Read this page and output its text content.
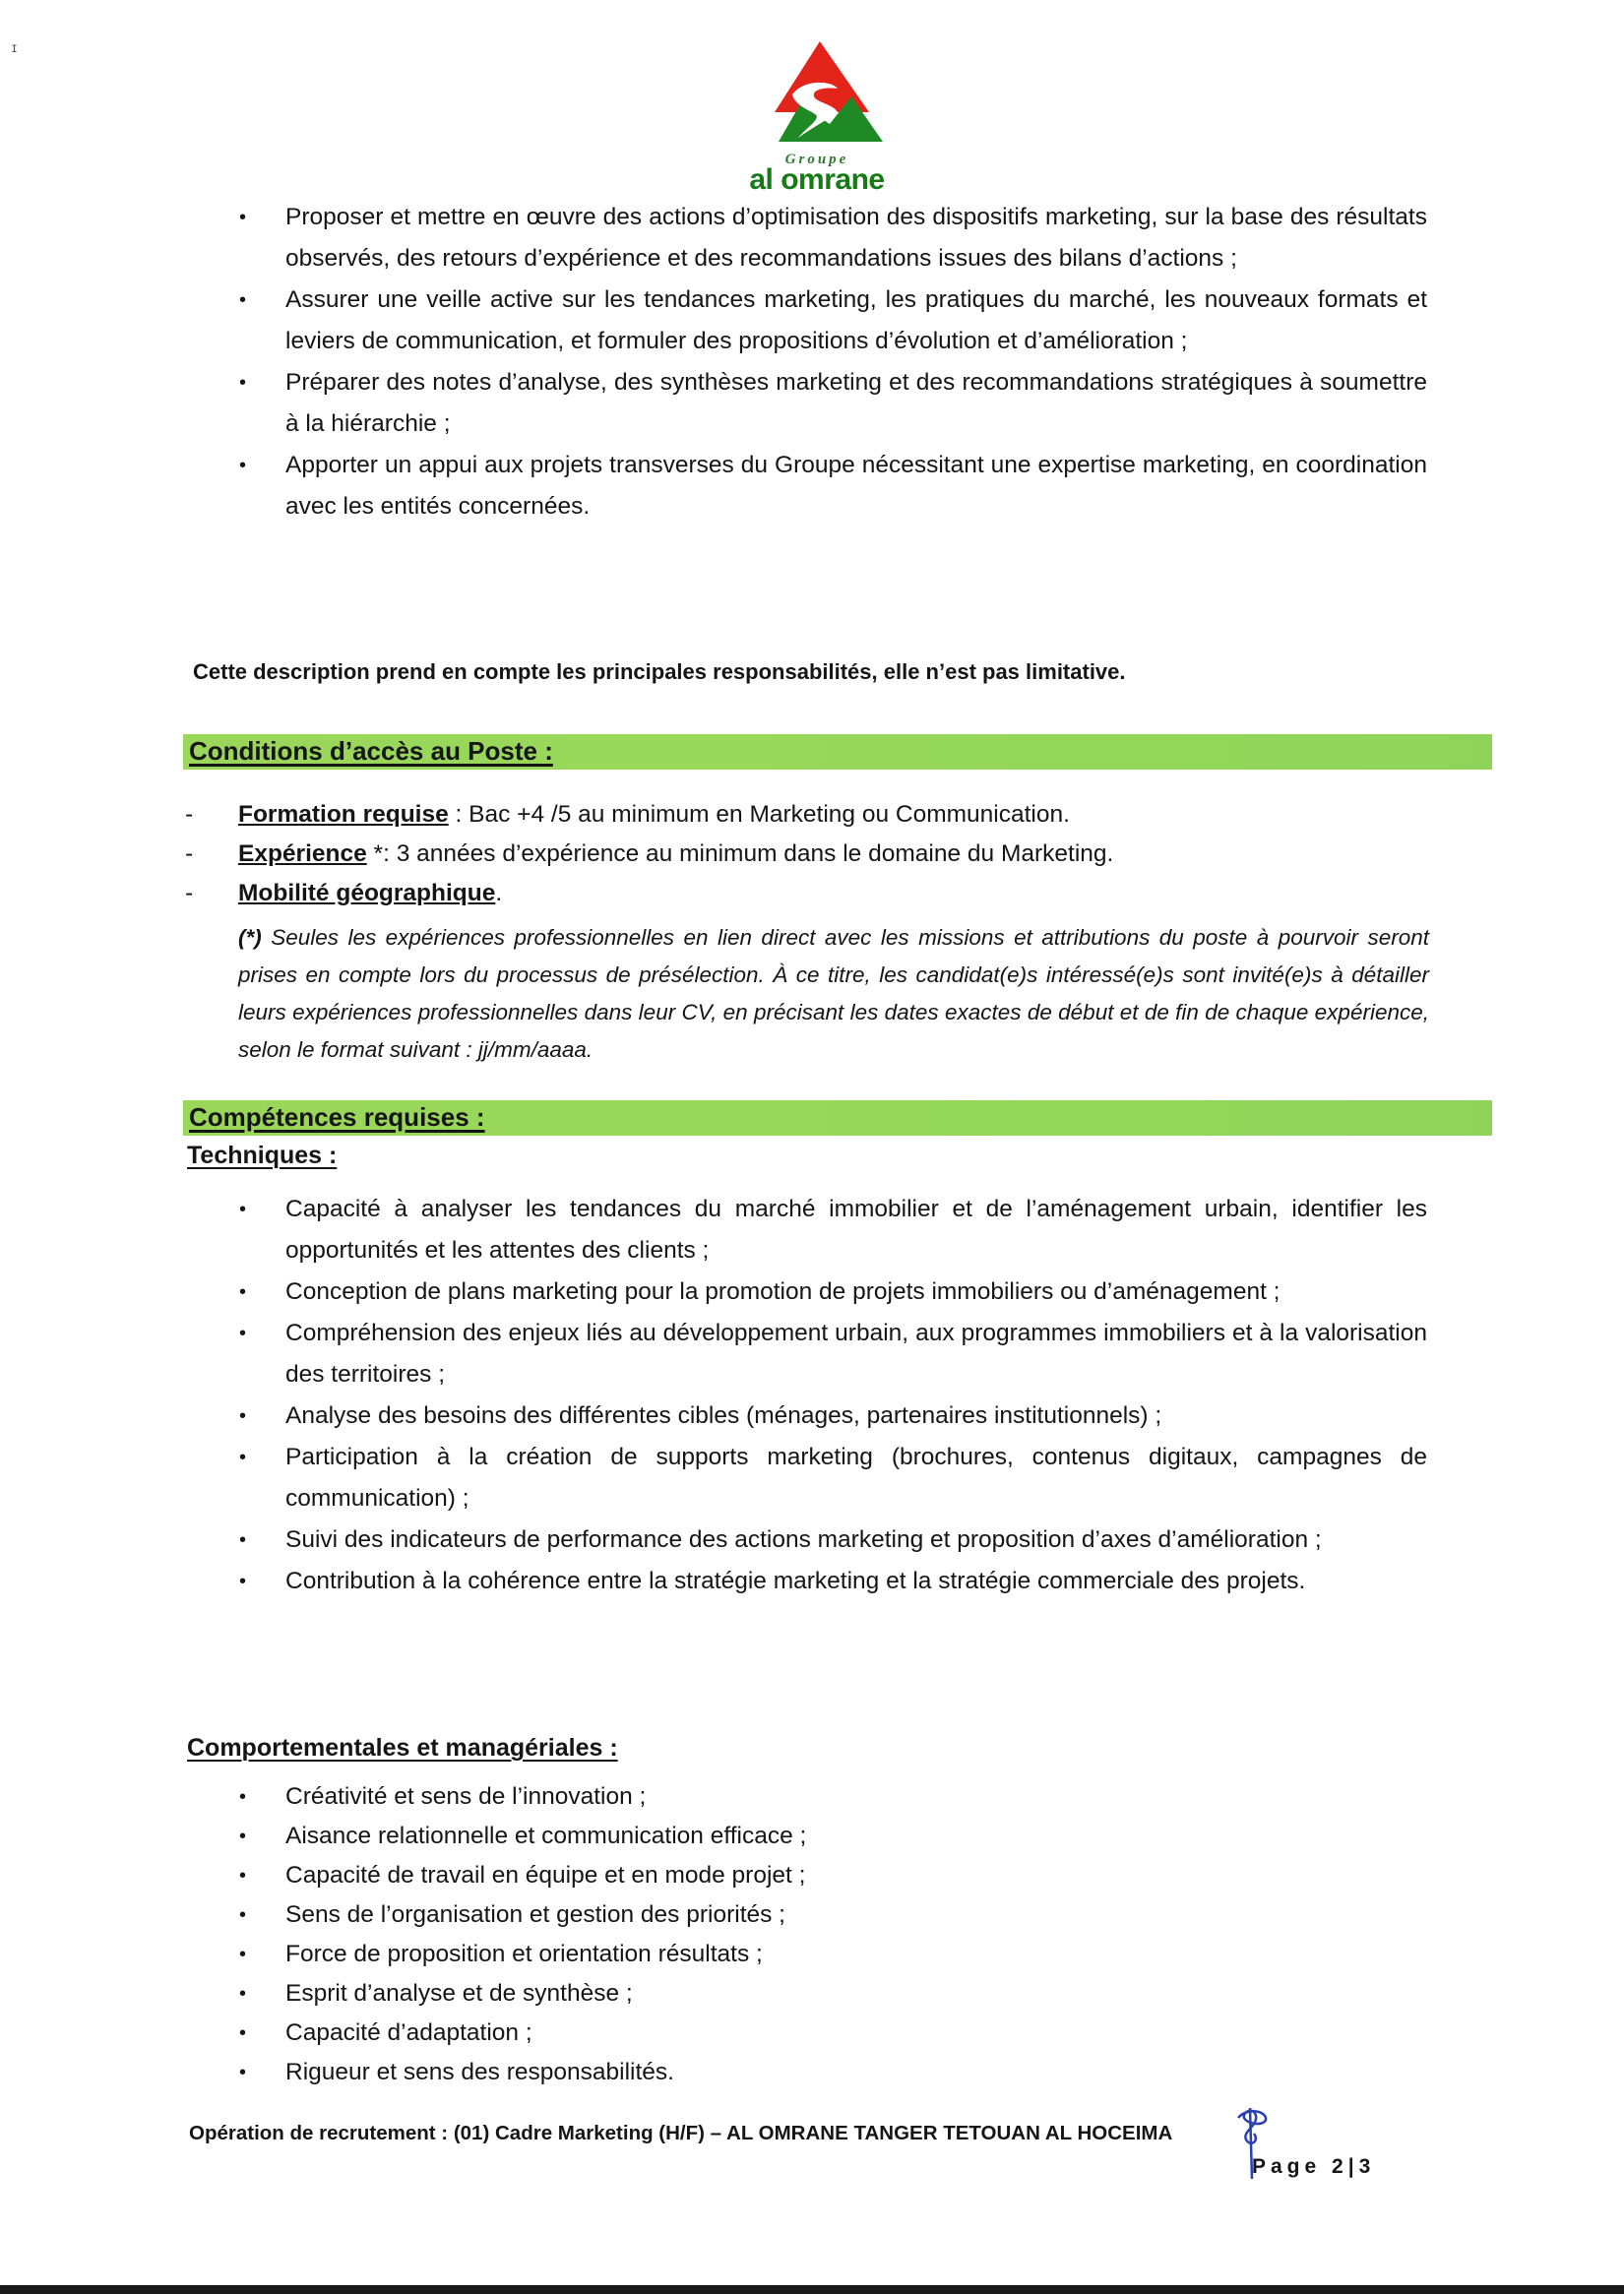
ɪ
Groupe
al omrane
• Proposer et mettre en œuvre des actions d’optimisation des dispositifs marketing, sur la base des résultats observés, des retours d’expérience et des recommandations issues des bilans d’actions ;
• Assurer une veille active sur les tendances marketing, les pratiques du marché, les nouveaux formats et leviers de communication, et formuler des propositions d’évolution et d’amélioration ;
• Préparer des notes d’analyse, des synthèses marketing et des recommandations stratégiques à soumettre à la hiérarchie ;
• Apporter un appui aux projets transverses du Groupe nécessitant une expertise marketing, en coordination avec les entités concernées.
Cette description prend en compte les principales responsabilités, elle n’est pas limitative.
Conditions d’accès au Poste :
- Formation requise : Bac +4 /5 au minimum en Marketing ou Communication.
- Expérience *: 3 années d’expérience au minimum dans le domaine du Marketing.
- Mobilité géographique.
(*) Seules les expériences professionnelles en lien direct avec les missions et attributions du poste à pourvoir seront prises en compte lors du processus de présélection. À ce titre, les candidat(e)s intéressé(e)s sont invité(e)s à détailler leurs expériences professionnelles dans leur CV, en précisant les dates exactes de début et de fin de chaque expérience, selon le format suivant : jj/mm/aaaa.
Compétences requises :
Techniques :
• Capacité à analyser les tendances du marché immobilier et de l’aménagement urbain, identifier les opportunités et les attentes des clients ;
• Conception de plans marketing pour la promotion de projets immobiliers ou d’aménagement ;
• Compréhension des enjeux liés au développement urbain, aux programmes immobiliers et à la valorisation des territoires ;
• Analyse des besoins des différentes cibles (ménages, partenaires institutionnels) ;
• Participation à la création de supports marketing (brochures, contenus digitaux, campagnes de communication) ;
• Suivi des indicateurs de performance des actions marketing et proposition d’axes d’amélioration ;
• Contribution à la cohérence entre la stratégie marketing et la stratégie commerciale des projets.
Comportementales et managériales :
• Créativité et sens de l’innovation ;
• Aisance relationnelle et communication efficace ;
• Capacité de travail en équipe et en mode projet ;
• Sens de l’organisation et gestion des priorités ;
• Force de proposition et orientation résultats ;
• Esprit d’analyse et de synthèse ;
• Capacité d’adaptation ;
• Rigueur et sens des responsabilités.
Opération de recrutement : (01) Cadre Marketing (H/F) – AL OMRANE TANGER TETOUAN AL HOCEIMA
Page 2|3
